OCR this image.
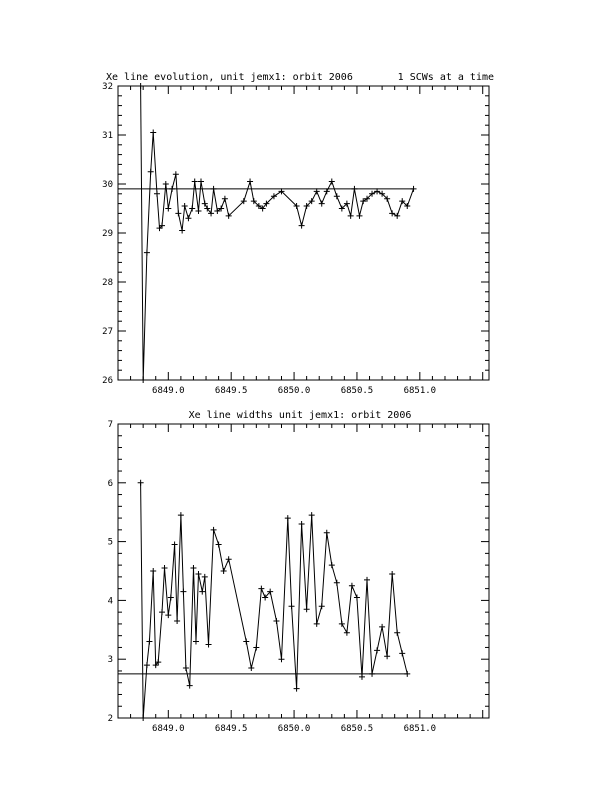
Xe line evolution, unit jemx1: orbit 2006	1 SCWs at a time
6849.0	6849.5	6850.0	6850.5	6851.0
26
27
28
29
30
31
32
Xe line widths unit jemx1: orbit 2006
6849.0	6849.5	6850.0	6850.5	6851.0
2
3
4
5
6
7
